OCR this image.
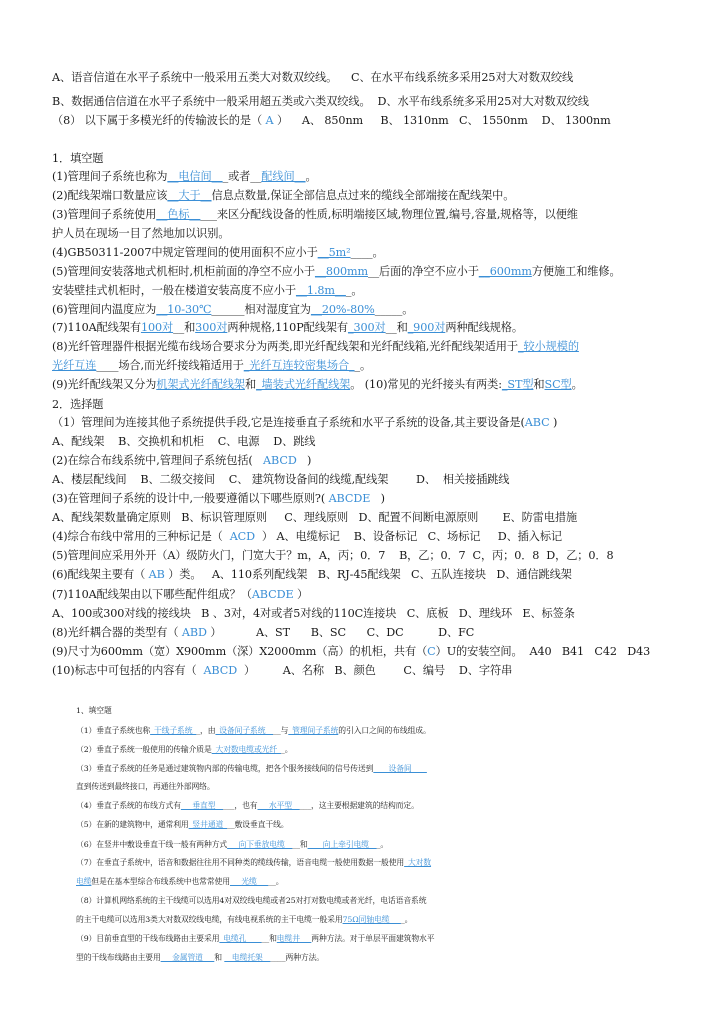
A、语音信道在水平子系统中一般采用五类大对数双绞线。    C、在水平布线系统多采用25对大对数双绞线
B、数据通信信道在水平子系统中一般采用超五类或六类双绞线。  D、水平布线系统多采用25对大对数双绞线
（8） 以下属于多模光纤的传输波长的是（ A ）    A、 850nm     B、 1310nm   C、 1550nm    D、 1300nm
1．填空题
(1)管理间子系统也称为__电信间___或者__配线间__。
(2)配线架端口数量应该__大于__信息点数量,保证全部信息点过来的缆线全部端接在配线架中。
(3)管理间子系统使用__色标_____来区分配线设备的性质,标明端接区域,物理位置,编号,容量,规格等，以便维
护人员在现场一目了然地加以识别。
(4)GB50311-2007中规定管理间的使用面积不应小于__5m²____。
(5)管理间安装落地式机柜时,机柜前面的净空不应小于__800mm__后面的净空不应小于__600mm方便施工和维修。
安装壁挂式机柜时，一般在楼道安装高度不应小于__1.8m___。
(6)管理间内温度应为__10-30℃______相对湿度宜为__20%-80%_____。
(7)110A配线架有100对__和300对两种规格,110P配线架有_300对__和_900对两种配线规格。
(8)光纤管理器件根据光缆布线场合要求分为两类,即光纤配线架和光纤配线箱,光纤配线架适用于_较小规模的
光纤互连____场合,而光纤接线箱适用于_光纤互连较密集场合__。
(9)光纤配线架又分为机架式光纤配线架和_墙装式光纤配线架。 (10)常见的光纤接头有两类:_ST型和SC型。
2．选择题
（1）管理间为连接其他子系统提供手段,它是连接垂直子系统和水平子系统的设备,其主要设备是(ABC )
A、配线架    B、交换机和机柜    C、电源    D、跳线
(2)在综合布线系统中,管理间子系统包括(   ABCD   )
A、楼层配线间    B、二级交接间    C、 建筑物设备间的线缆,配线架        D、  相关接插跳线
(3)在管理间子系统的设计中,一般要遵循以下哪些原则?( ABCDE   )
A、配线架数量确定原则   B、标识管理原则     C、理线原则   D、配置不间断电源原则       E、防雷电措施
(4)综合布线中常用的三种标记是（  ACD  ） A、电缆标记    B、设备标记   C、场标记     D、插入标记
(5)管理间应采用外开（A）级防火门，门宽大于？m，A，丙；0．7    B，乙；0．7  C，丙；0．8  D，乙；0．8
(6)配线架主要有（ AB ）类。   A、110系列配线架   B、RJ-45配线架   C、五队连接块   D、通信跳线架
(7)110A配线架由以下哪些配件组成？（ABCDE ）
A、100或300对线的接线块   B 、3对，4对或者5对线的110C连接块   C、底板   D、理线环   E、标签条
(8)光纤耦合器的类型有（ ABD ）          A、ST      B、SC      C、DC          D、FC
(9)尺寸为600mm（宽）X900mm（深）X2000mm（高）的机柜，共有（C）U的安装空间。  A40   B41   C42   D43
(10)标志中可包括的内容有（  ABCD  ）        A、名称   B、颜色        C、编号    D、字符串
1、填空题
（1）垂直子系统也称_干线子系统__，由_设备间子系统____与_管理间子系统的引入口之间的布线组成。
（2）垂直子系统一般使用的传输介质是_大对数电缆或光纤__。
（3）垂直子系统的任务是通过建筑物内部的传输电缆，把各个服务接线间的信号传送到____设备间____
直到传送到最终接口，再通往外部网络。
（4）垂直子系统的布线方式有___垂直型_____，也有___水平型_____，这主要根据建筑的结构而定。
（5）在新的建筑物中，通常利用_竖井通道___敷设垂直干线。
（6）在竖井中敷设垂直干线一般有两种方式___向下垂放电缆____和____向上牵引电缆___。
（7）在垂直子系统中，语音和数据往往用不同种类的缆线传输，语音电缆一般使用数据一般使用_大对数
电缆但是在基本型综合布线系统中也常常使用___光缆_____。
（8）计算机网络系统的主干线缆可以选用4对双绞线电缆或者25对打对数电缆或者光纤，电话语音系统
的主干电缆可以选用3类大对数双绞线电缆，有线电视系统的主干电缆一般采用75Ω同轴电缆____。
（9）目前垂直型的干线布线路由主要采用_电缆孔______和电缆井___两种方法。对于单层平面建筑物水平
型的干线布线路由主要用___金属管道___和 __电缆托架______两种方法。
